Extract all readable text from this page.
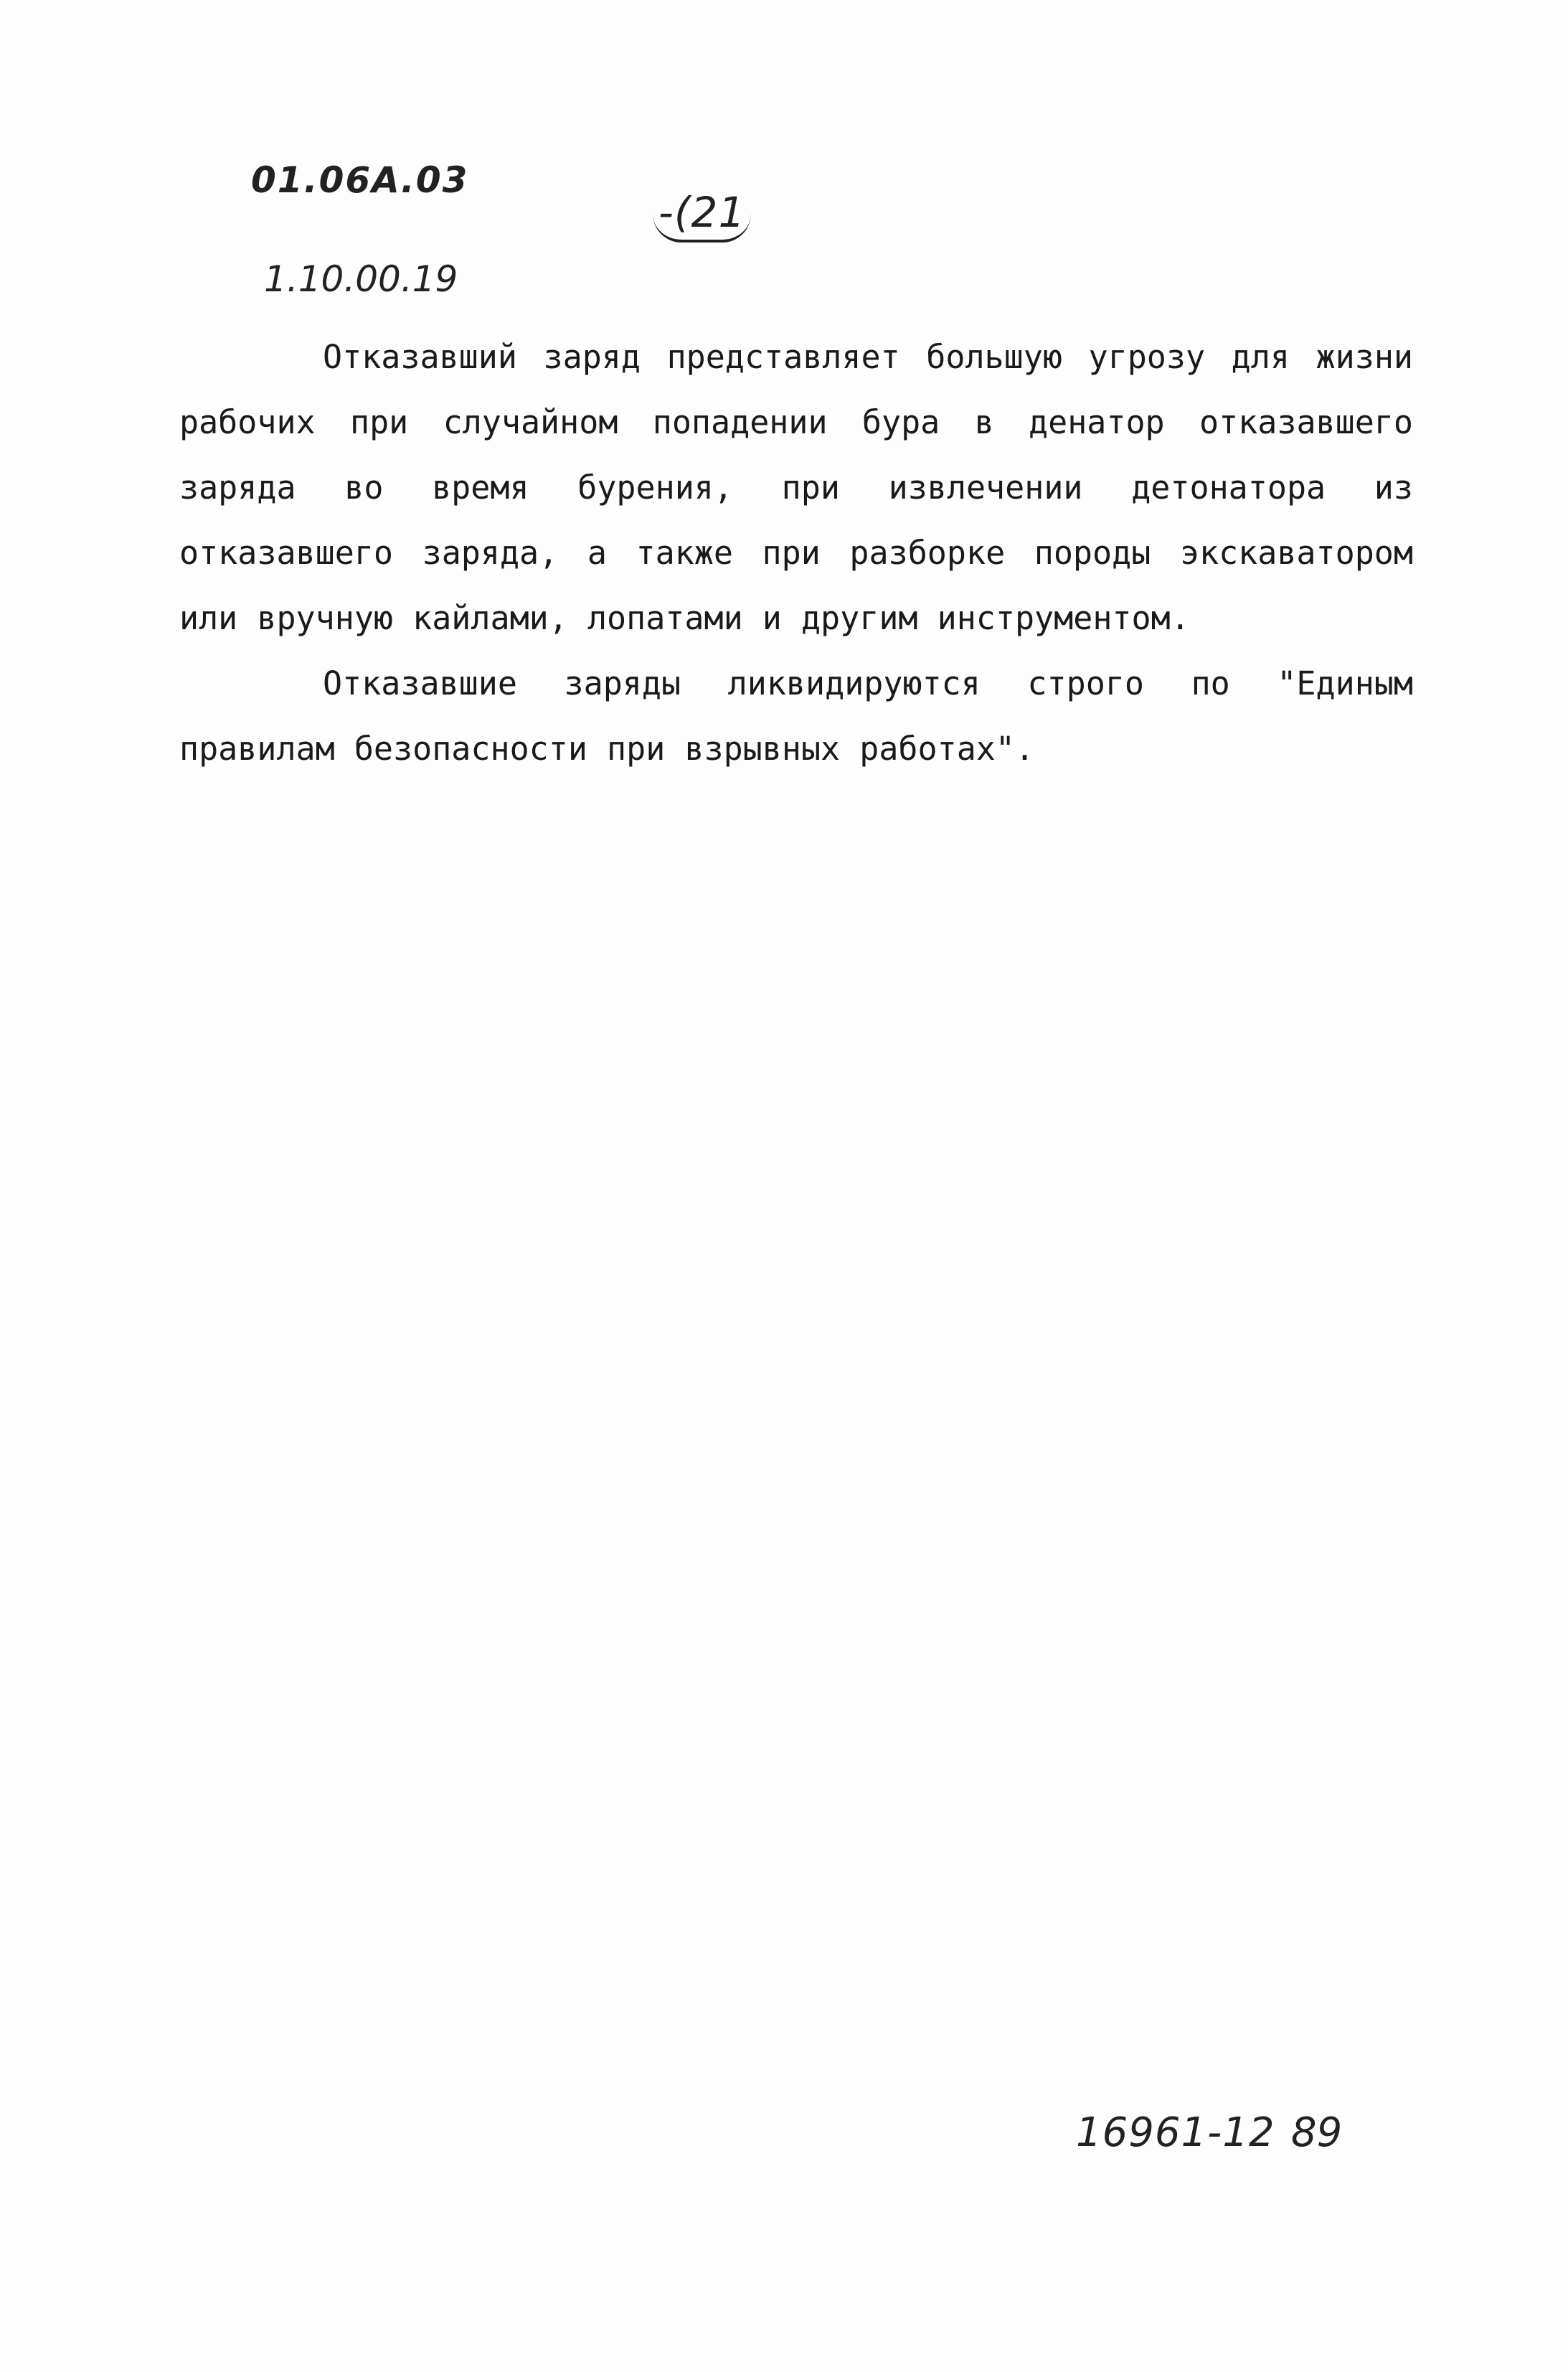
01.06А.03
-(21
1.10.00.19

Отказавший заряд представляет большую угрозу для жизни рабочих при случайном попадении бура в денатор отказавшего заряда во время бурения, при извлечении детонатора из отказавшего заряда, а также при разборке породы экскаватором или вручную кайлами, лопатами и другим инструментом.

Отказавшие заряды ликвидируются строго по "Единым правилам безопасности при взрывных работах".

16961-12 89
